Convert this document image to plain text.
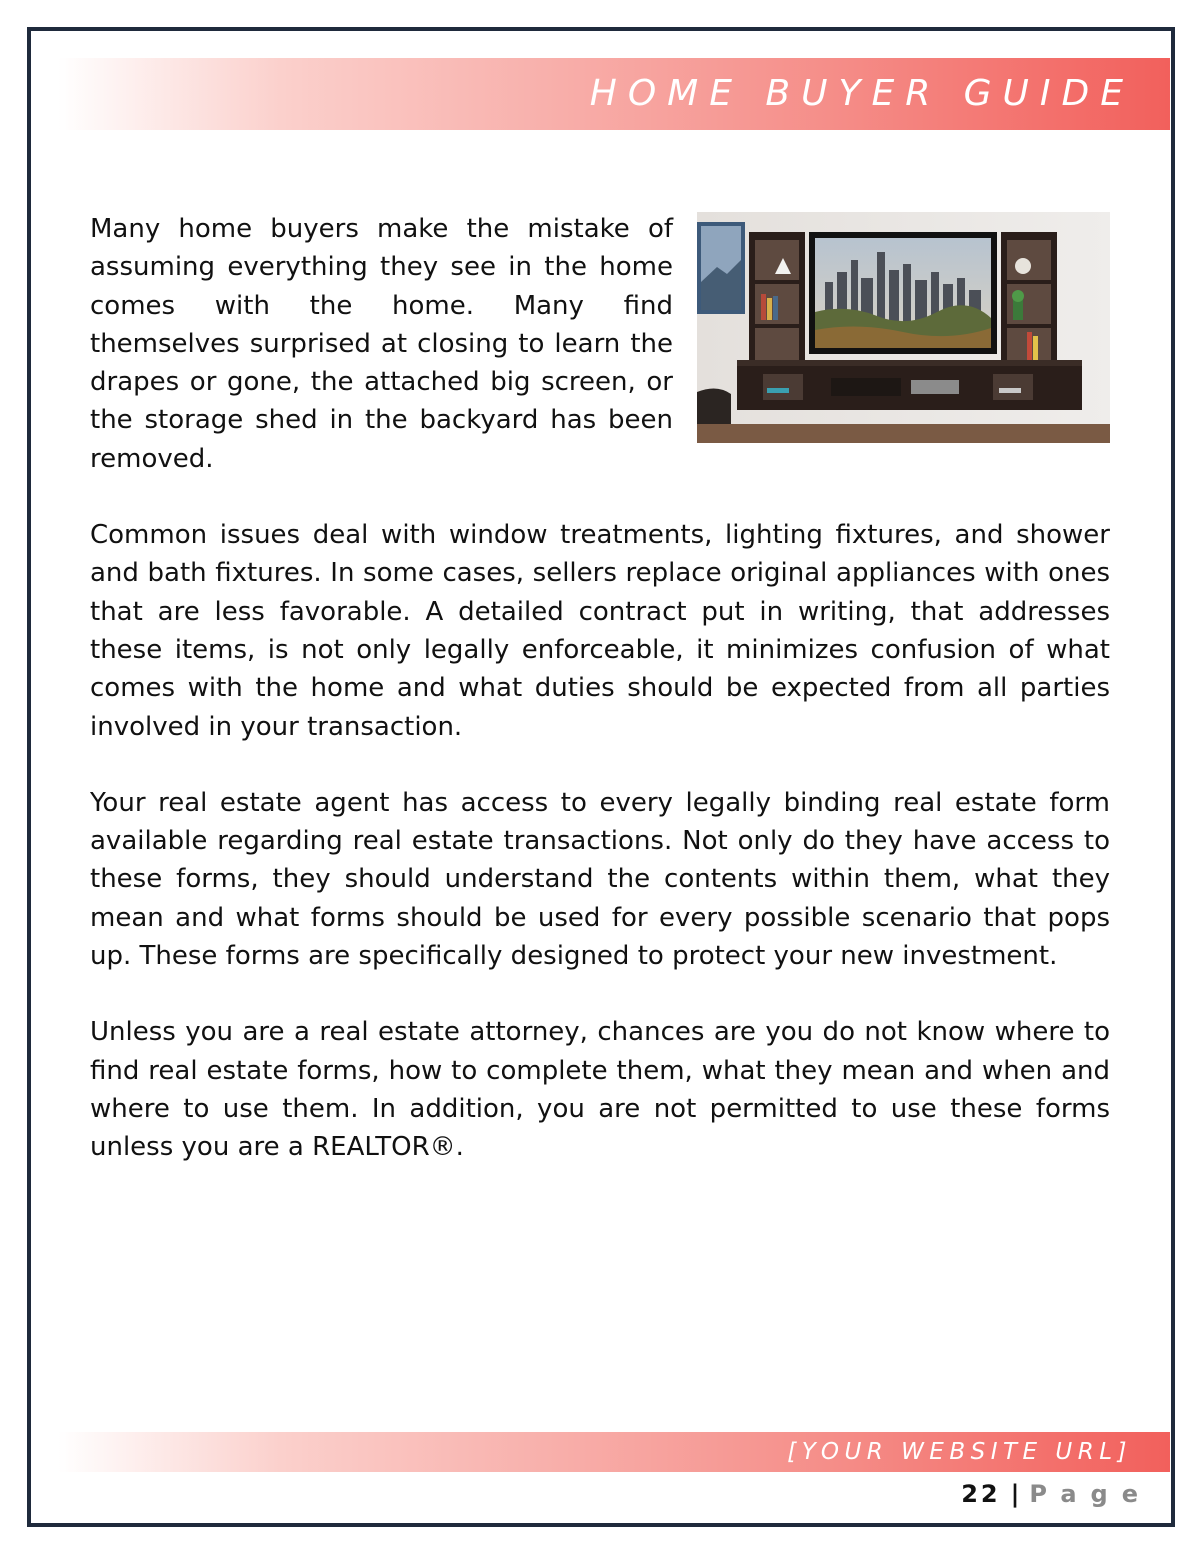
HOME BUYER GUIDE

Many home buyers make the mistake of assuming everything they see in the home comes with the home. Many find themselves surprised at closing to learn the drapes or gone, the attached big screen, or the storage shed in the backyard has been removed.

Common issues deal with window treatments, lighting fixtures, and shower and bath fixtures. In some cases, sellers replace original appliances with ones that are less favorable. A detailed contract put in writing, that addresses these items, is not only legally enforceable, it minimizes confusion of what comes with the home and what duties should be expected from all parties involved in your transaction.

Your real estate agent has access to every legally binding real estate form available regarding real estate transactions. Not only do they have access to these forms, they should understand the contents within them, what they mean and what forms should be used for every possible scenario that pops up. These forms are specifically designed to protect your new investment.

Unless you are a real estate attorney, chances are you do not know where to find real estate forms, how to complete them, what they mean and when and where to use them. In addition, you are not permitted to use these forms unless you are a REALTOR®.

[YOUR WEBSITE URL]
22 | Page
